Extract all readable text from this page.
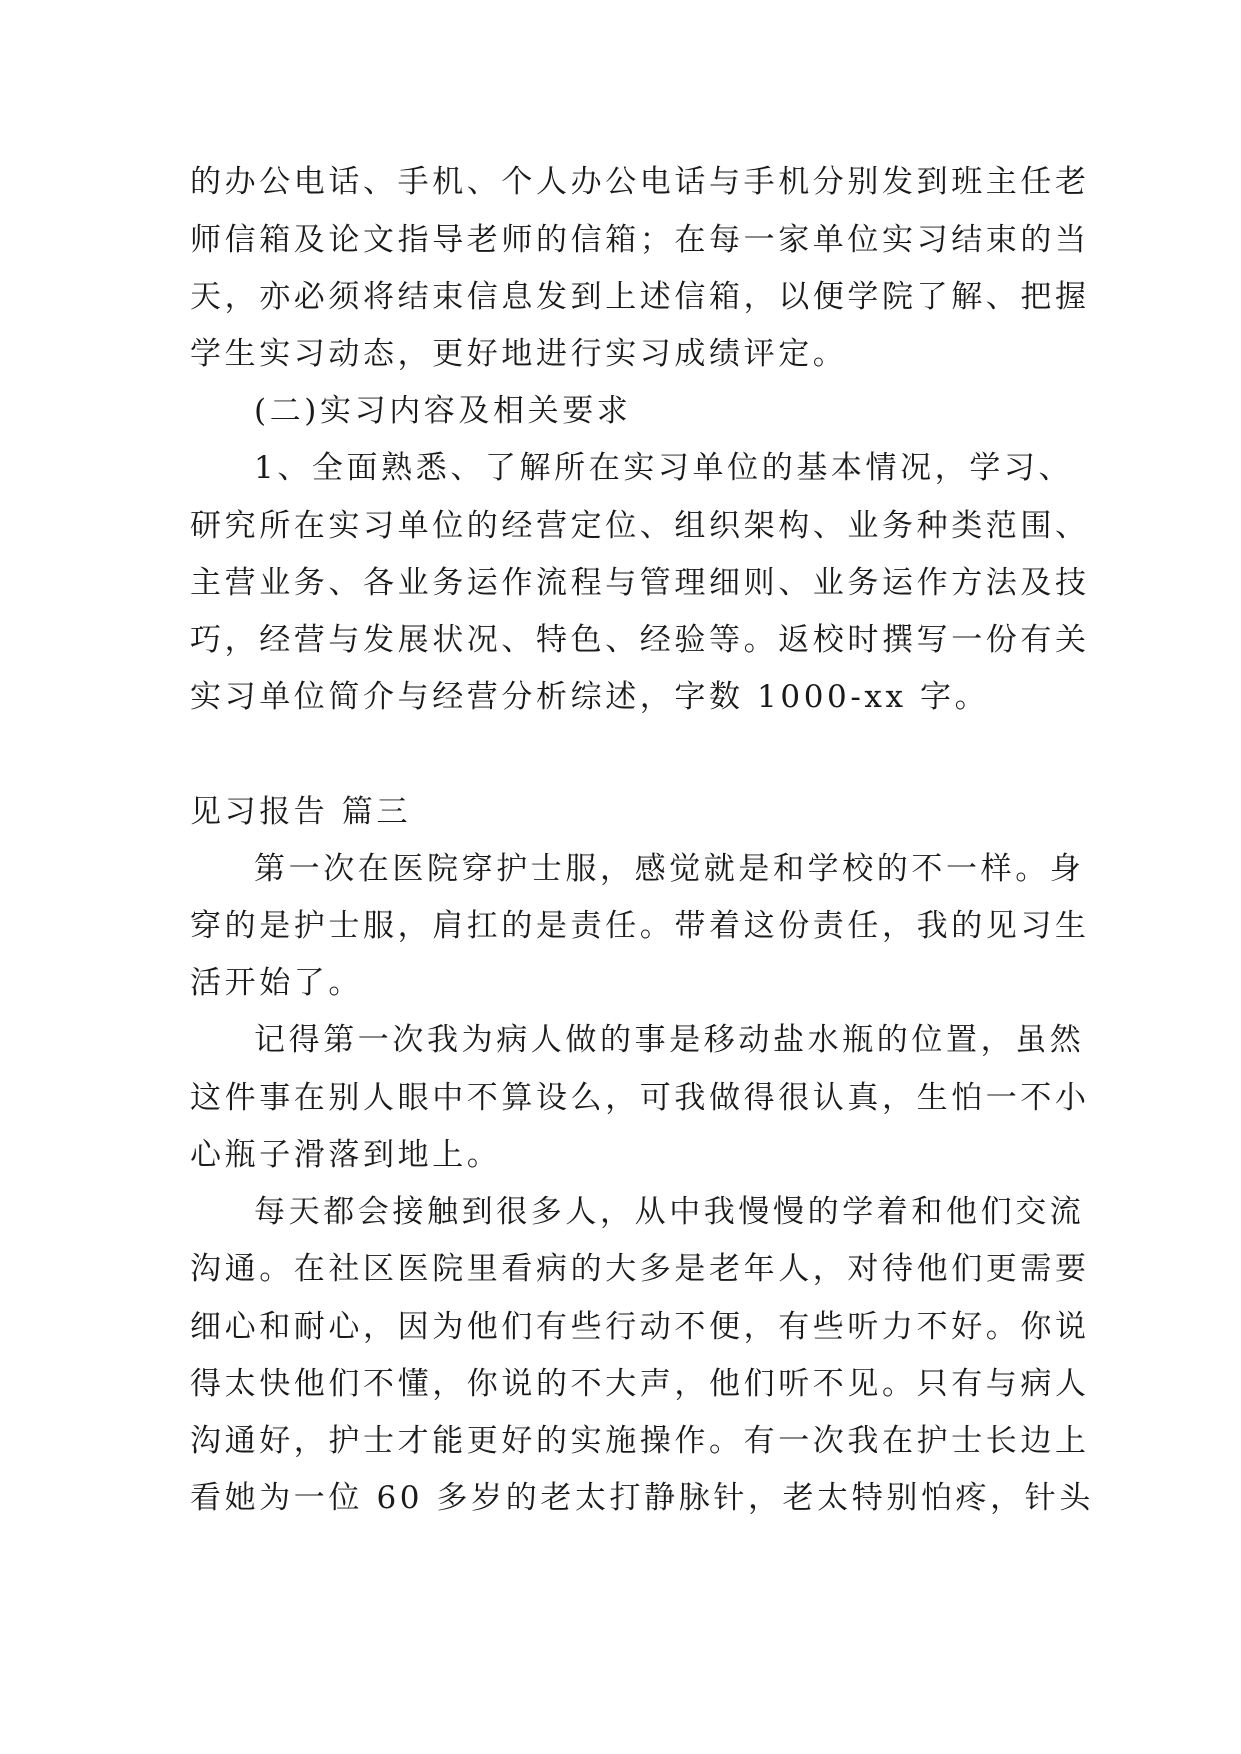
的办公电话、手机、个人办公电话与手机分别发到班主任老
师信箱及论文指导老师的信箱；在每一家单位实习结束的当
天，亦必须将结束信息发到上述信箱，以便学院了解、把握
学生实习动态，更好地进行实习成绩评定。
(二)实习内容及相关要求
1、全面熟悉、了解所在实习单位的基本情况，学习、
研究所在实习单位的经营定位、组织架构、业务种类范围、
主营业务、各业务运作流程与管理细则、业务运作方法及技
巧，经营与发展状况、特色、经验等。返校时撰写一份有关
实习单位简介与经营分析综述，字数 1000-xx 字。
见习报告 篇三
第一次在医院穿护士服，感觉就是和学校的不一样。身
穿的是护士服，肩扛的是责任。带着这份责任，我的见习生
活开始了。
记得第一次我为病人做的事是移动盐水瓶的位置，虽然
这件事在别人眼中不算设么，可我做得很认真，生怕一不小
心瓶子滑落到地上。
每天都会接触到很多人，从中我慢慢的学着和他们交流
沟通。在社区医院里看病的大多是老年人，对待他们更需要
细心和耐心，因为他们有些行动不便，有些听力不好。你说
得太快他们不懂，你说的不大声，他们听不见。只有与病人
沟通好，护士才能更好的实施操作。有一次我在护士长边上
看她为一位 60 多岁的老太打静脉针，老太特别怕疼，针头
